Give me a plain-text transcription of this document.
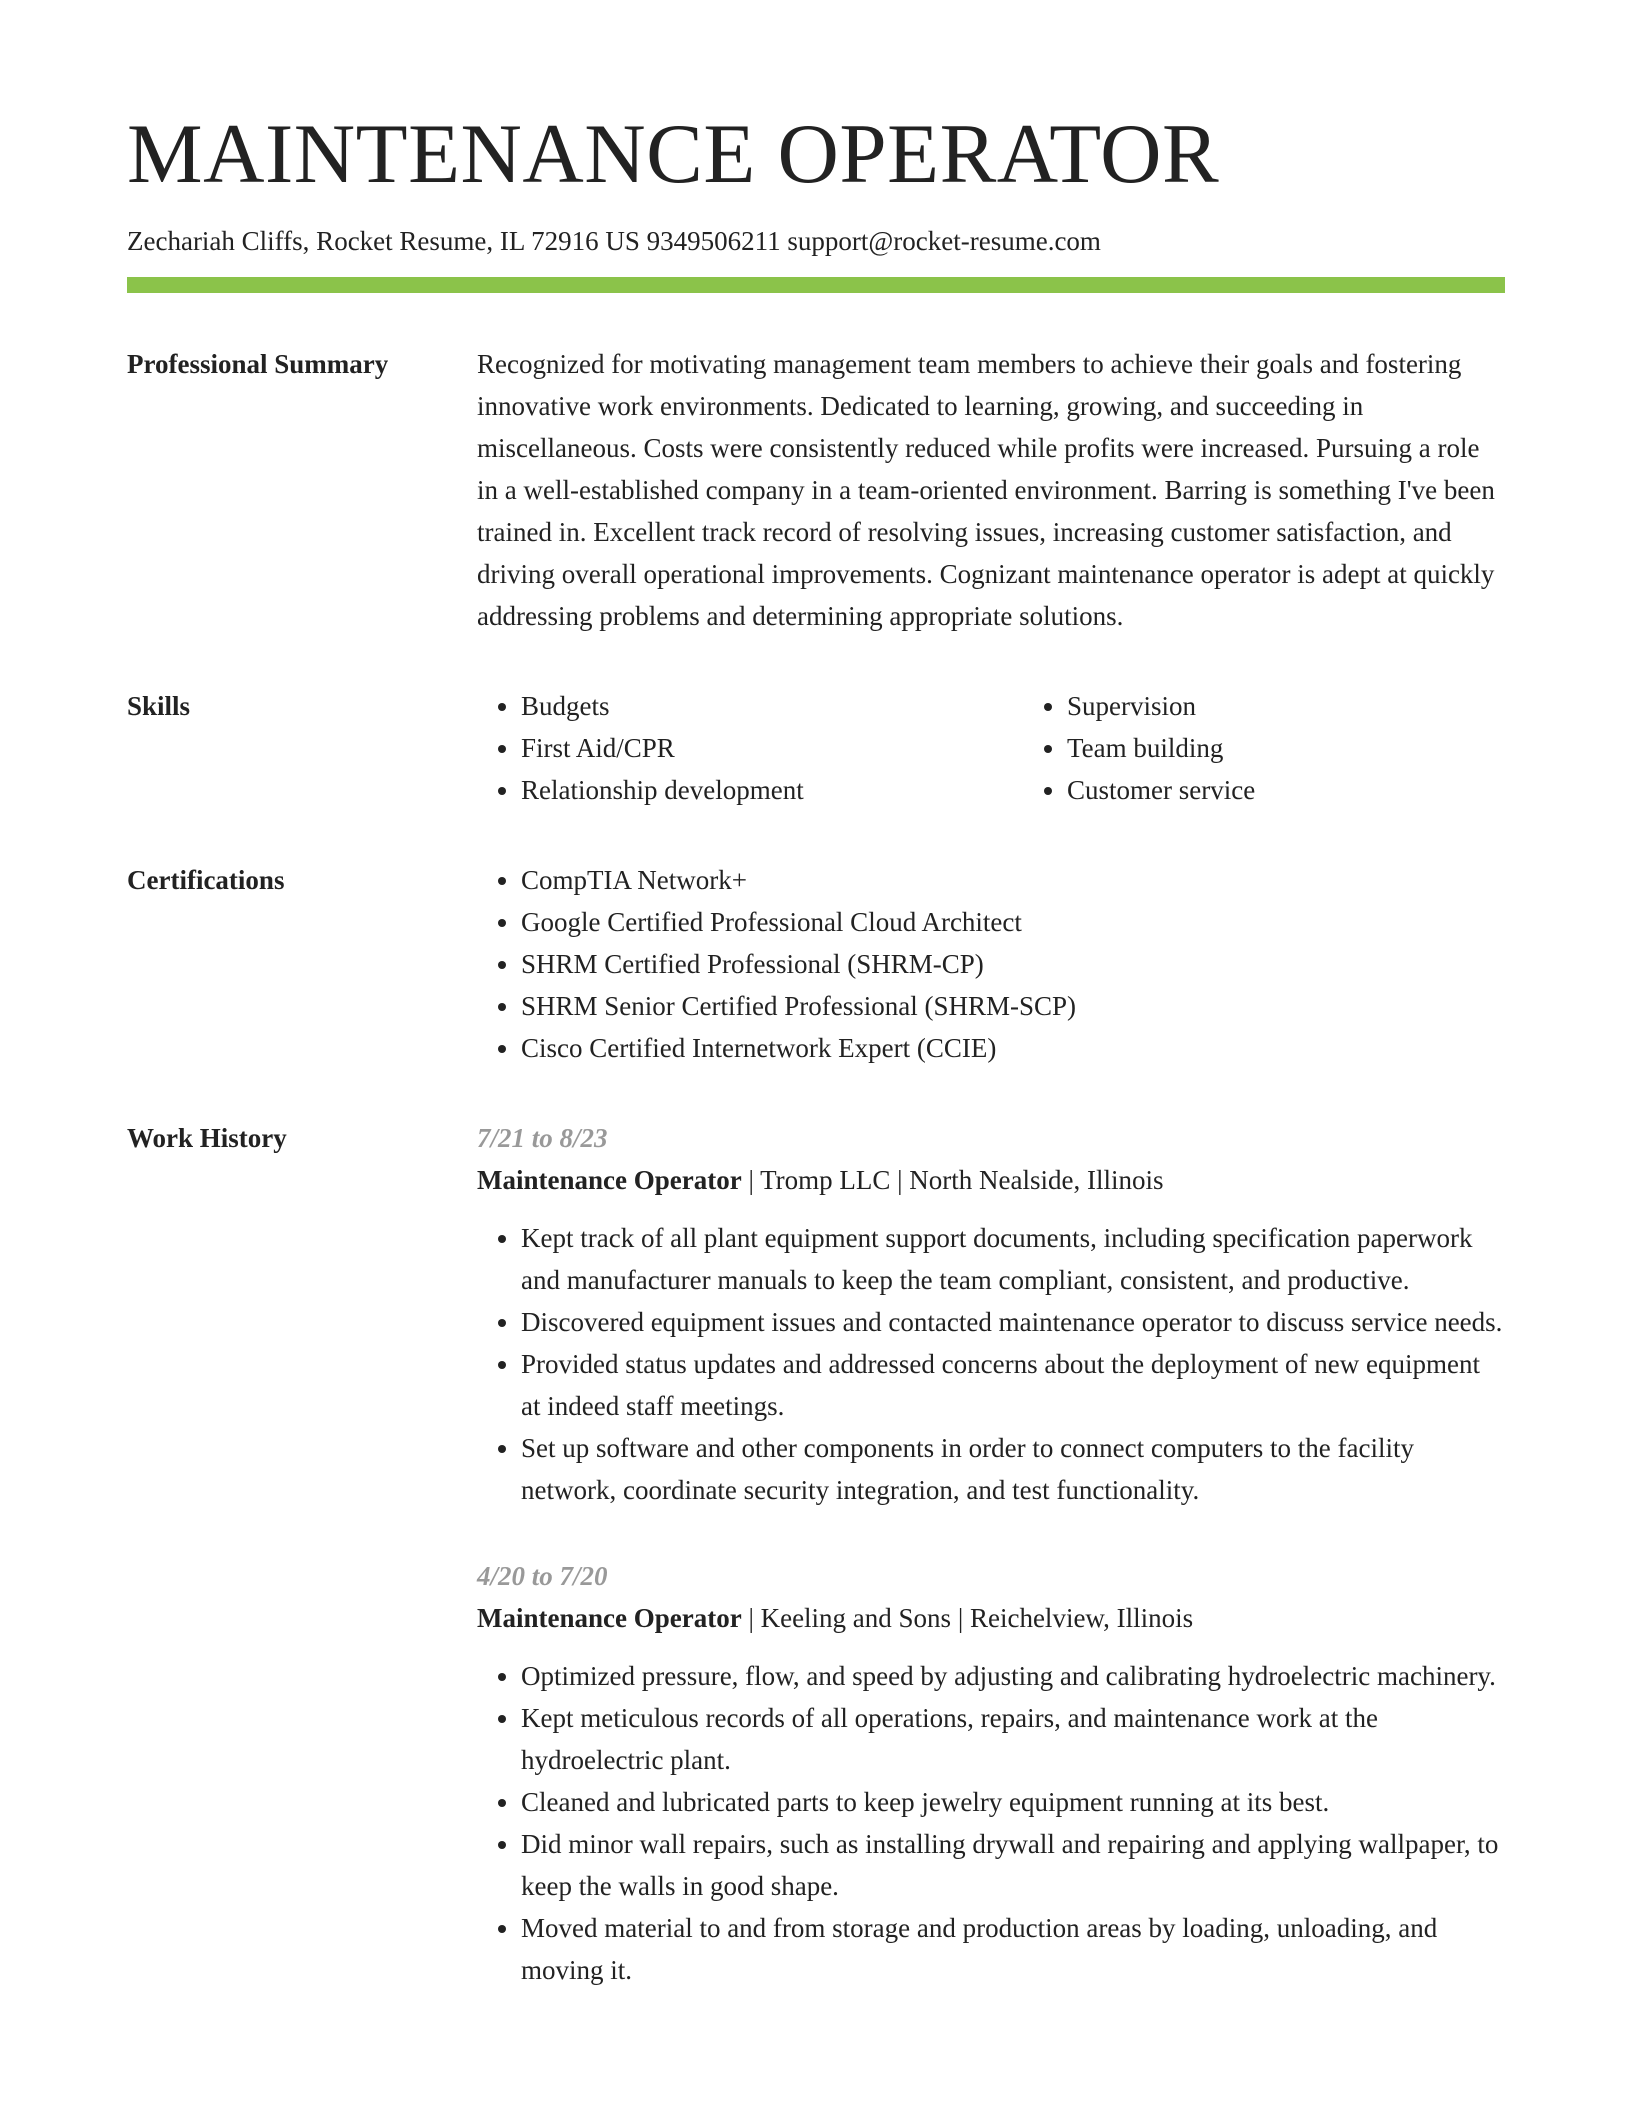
MAINTENANCE OPERATOR
Zechariah Cliffs, Rocket Resume, IL 72916 US 9349506211 support@rocket-resume.com
Professional Summary	Recognized for motivating management team members to achieve their goals and fostering innovative work environments. Dedicated to learning, growing, and succeeding in miscellaneous. Costs were consistently reduced while profits were increased. Pursuing a role in a well-established company in a team-oriented environment. Barring is something I've been trained in. Excellent track record of resolving issues, increasing customer satisfaction, and driving overall operational improvements. Cognizant maintenance operator is adept at quickly addressing problems and determining appropriate solutions.

Skills	• Budgets
• First Aid/CPR
• Relationship development
• Supervision
• Team building
• Customer service
Certifications	• CompTIA Network+
• Google Certified Professional Cloud Architect
• SHRM Certified Professional (SHRM-CP)
• SHRM Senior Certified Professional (SHRM-SCP)
• Cisco Certified Internetwork Expert (CCIE)
Work History	7/21 to 8/23
Maintenance Operator | Tromp LLC | North Nealside, Illinois
• Kept track of all plant equipment support documents, including specification paperwork and manufacturer manuals to keep the team compliant, consistent, and productive.
• Discovered equipment issues and contacted maintenance operator to discuss service needs.
• Provided status updates and addressed concerns about the deployment of new equipment at indeed staff meetings.
• Set up software and other components in order to connect computers to the facility network, coordinate security integration, and test functionality.
4/20 to 7/20
Maintenance Operator | Keeling and Sons | Reichelview, Illinois
• Optimized pressure, flow, and speed by adjusting and calibrating hydroelectric machinery.
• Kept meticulous records of all operations, repairs, and maintenance work at the hydroelectric plant.
• Cleaned and lubricated parts to keep jewelry equipment running at its best.
• Did minor wall repairs, such as installing drywall and repairing and applying wallpaper, to keep the walls in good shape.
• Moved material to and from storage and production areas by loading, unloading, and moving it.
